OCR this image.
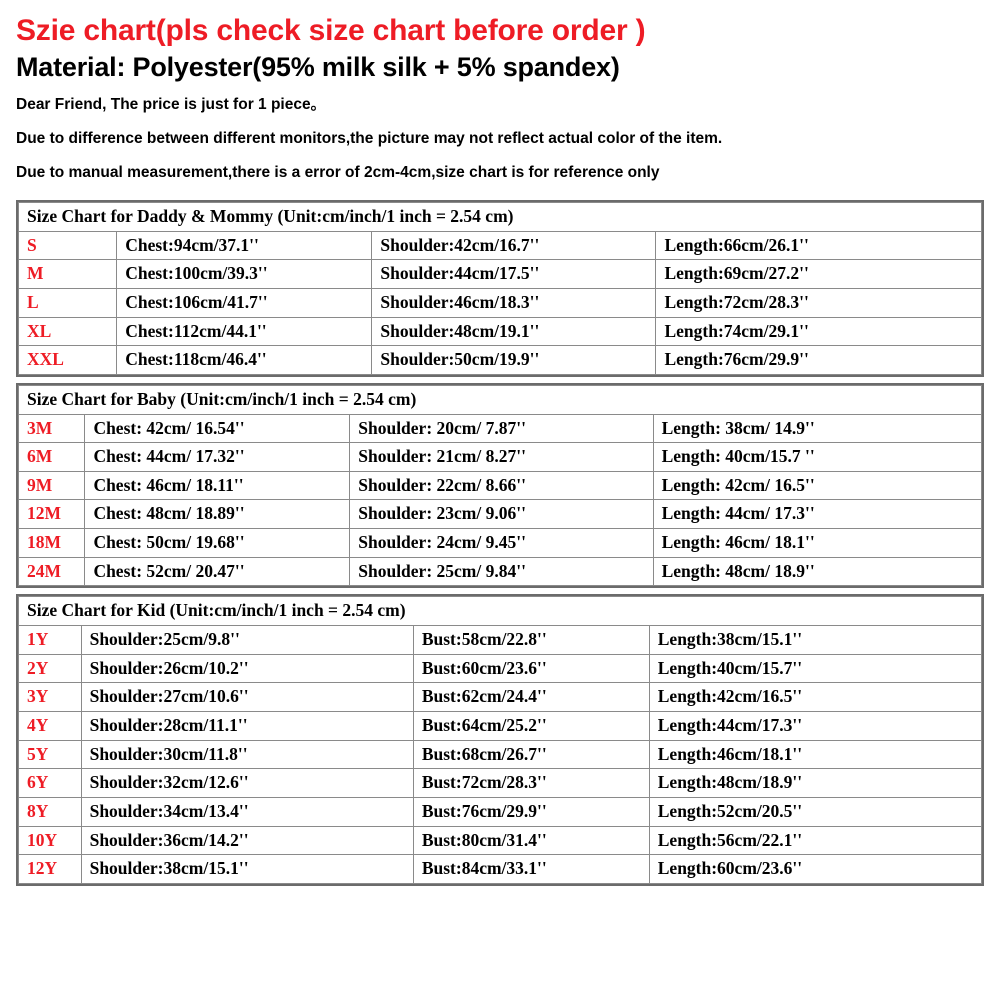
Szie chart(pls check size chart before order )
Material: Polyester(95% milk silk + 5% spandex)
Dear Friend, The price is just for 1 piece。
Due to difference between different monitors,the picture may not reflect actual color of the item.
Due to manual measurement,there is a error of 2cm-4cm,size chart is for reference only
Size Chart for Daddy & Mommy (Unit:cm/inch/1 inch = 2.54 cm)			
S	Chest:94cm/37.1''	Shoulder:42cm/16.7''	Length:66cm/26.1''
M	Chest:100cm/39.3''	Shoulder:44cm/17.5''	Length:69cm/27.2''
L	Chest:106cm/41.7''	Shoulder:46cm/18.3''	Length:72cm/28.3''
XL	Chest:112cm/44.1''	Shoulder:48cm/19.1''	Length:74cm/29.1''
XXL	Chest:118cm/46.4''	Shoulder:50cm/19.9''	Length:76cm/29.9''
Size Chart for Baby (Unit:cm/inch/1 inch = 2.54 cm)			
3M	Chest: 42cm/ 16.54''	Shoulder: 20cm/ 7.87''	Length: 38cm/ 14.9''
6M	Chest: 44cm/ 17.32''	Shoulder: 21cm/ 8.27''	Length: 40cm/15.7 ''
9M	Chest: 46cm/ 18.11''	Shoulder: 22cm/ 8.66''	Length: 42cm/ 16.5''
12M	Chest: 48cm/ 18.89''	Shoulder: 23cm/ 9.06''	Length: 44cm/ 17.3''
18M	Chest: 50cm/ 19.68''	Shoulder: 24cm/ 9.45''	Length: 46cm/ 18.1''
24M	Chest: 52cm/ 20.47''	Shoulder: 25cm/ 9.84''	Length: 48cm/ 18.9''
Size Chart for Kid (Unit:cm/inch/1 inch = 2.54 cm)			
1Y	Shoulder:25cm/9.8''	Bust:58cm/22.8''	Length:38cm/15.1''
2Y	Shoulder:26cm/10.2''	Bust:60cm/23.6''	Length:40cm/15.7''
3Y	Shoulder:27cm/10.6''	Bust:62cm/24.4''	Length:42cm/16.5''
4Y	Shoulder:28cm/11.1''	Bust:64cm/25.2''	Length:44cm/17.3''
5Y	Shoulder:30cm/11.8''	Bust:68cm/26.7''	Length:46cm/18.1''
6Y	Shoulder:32cm/12.6''	Bust:72cm/28.3''	Length:48cm/18.9''
8Y	Shoulder:34cm/13.4''	Bust:76cm/29.9''	Length:52cm/20.5''
10Y	Shoulder:36cm/14.2''	Bust:80cm/31.4''	Length:56cm/22.1''
12Y	Shoulder:38cm/15.1''	Bust:84cm/33.1''	Length:60cm/23.6''
